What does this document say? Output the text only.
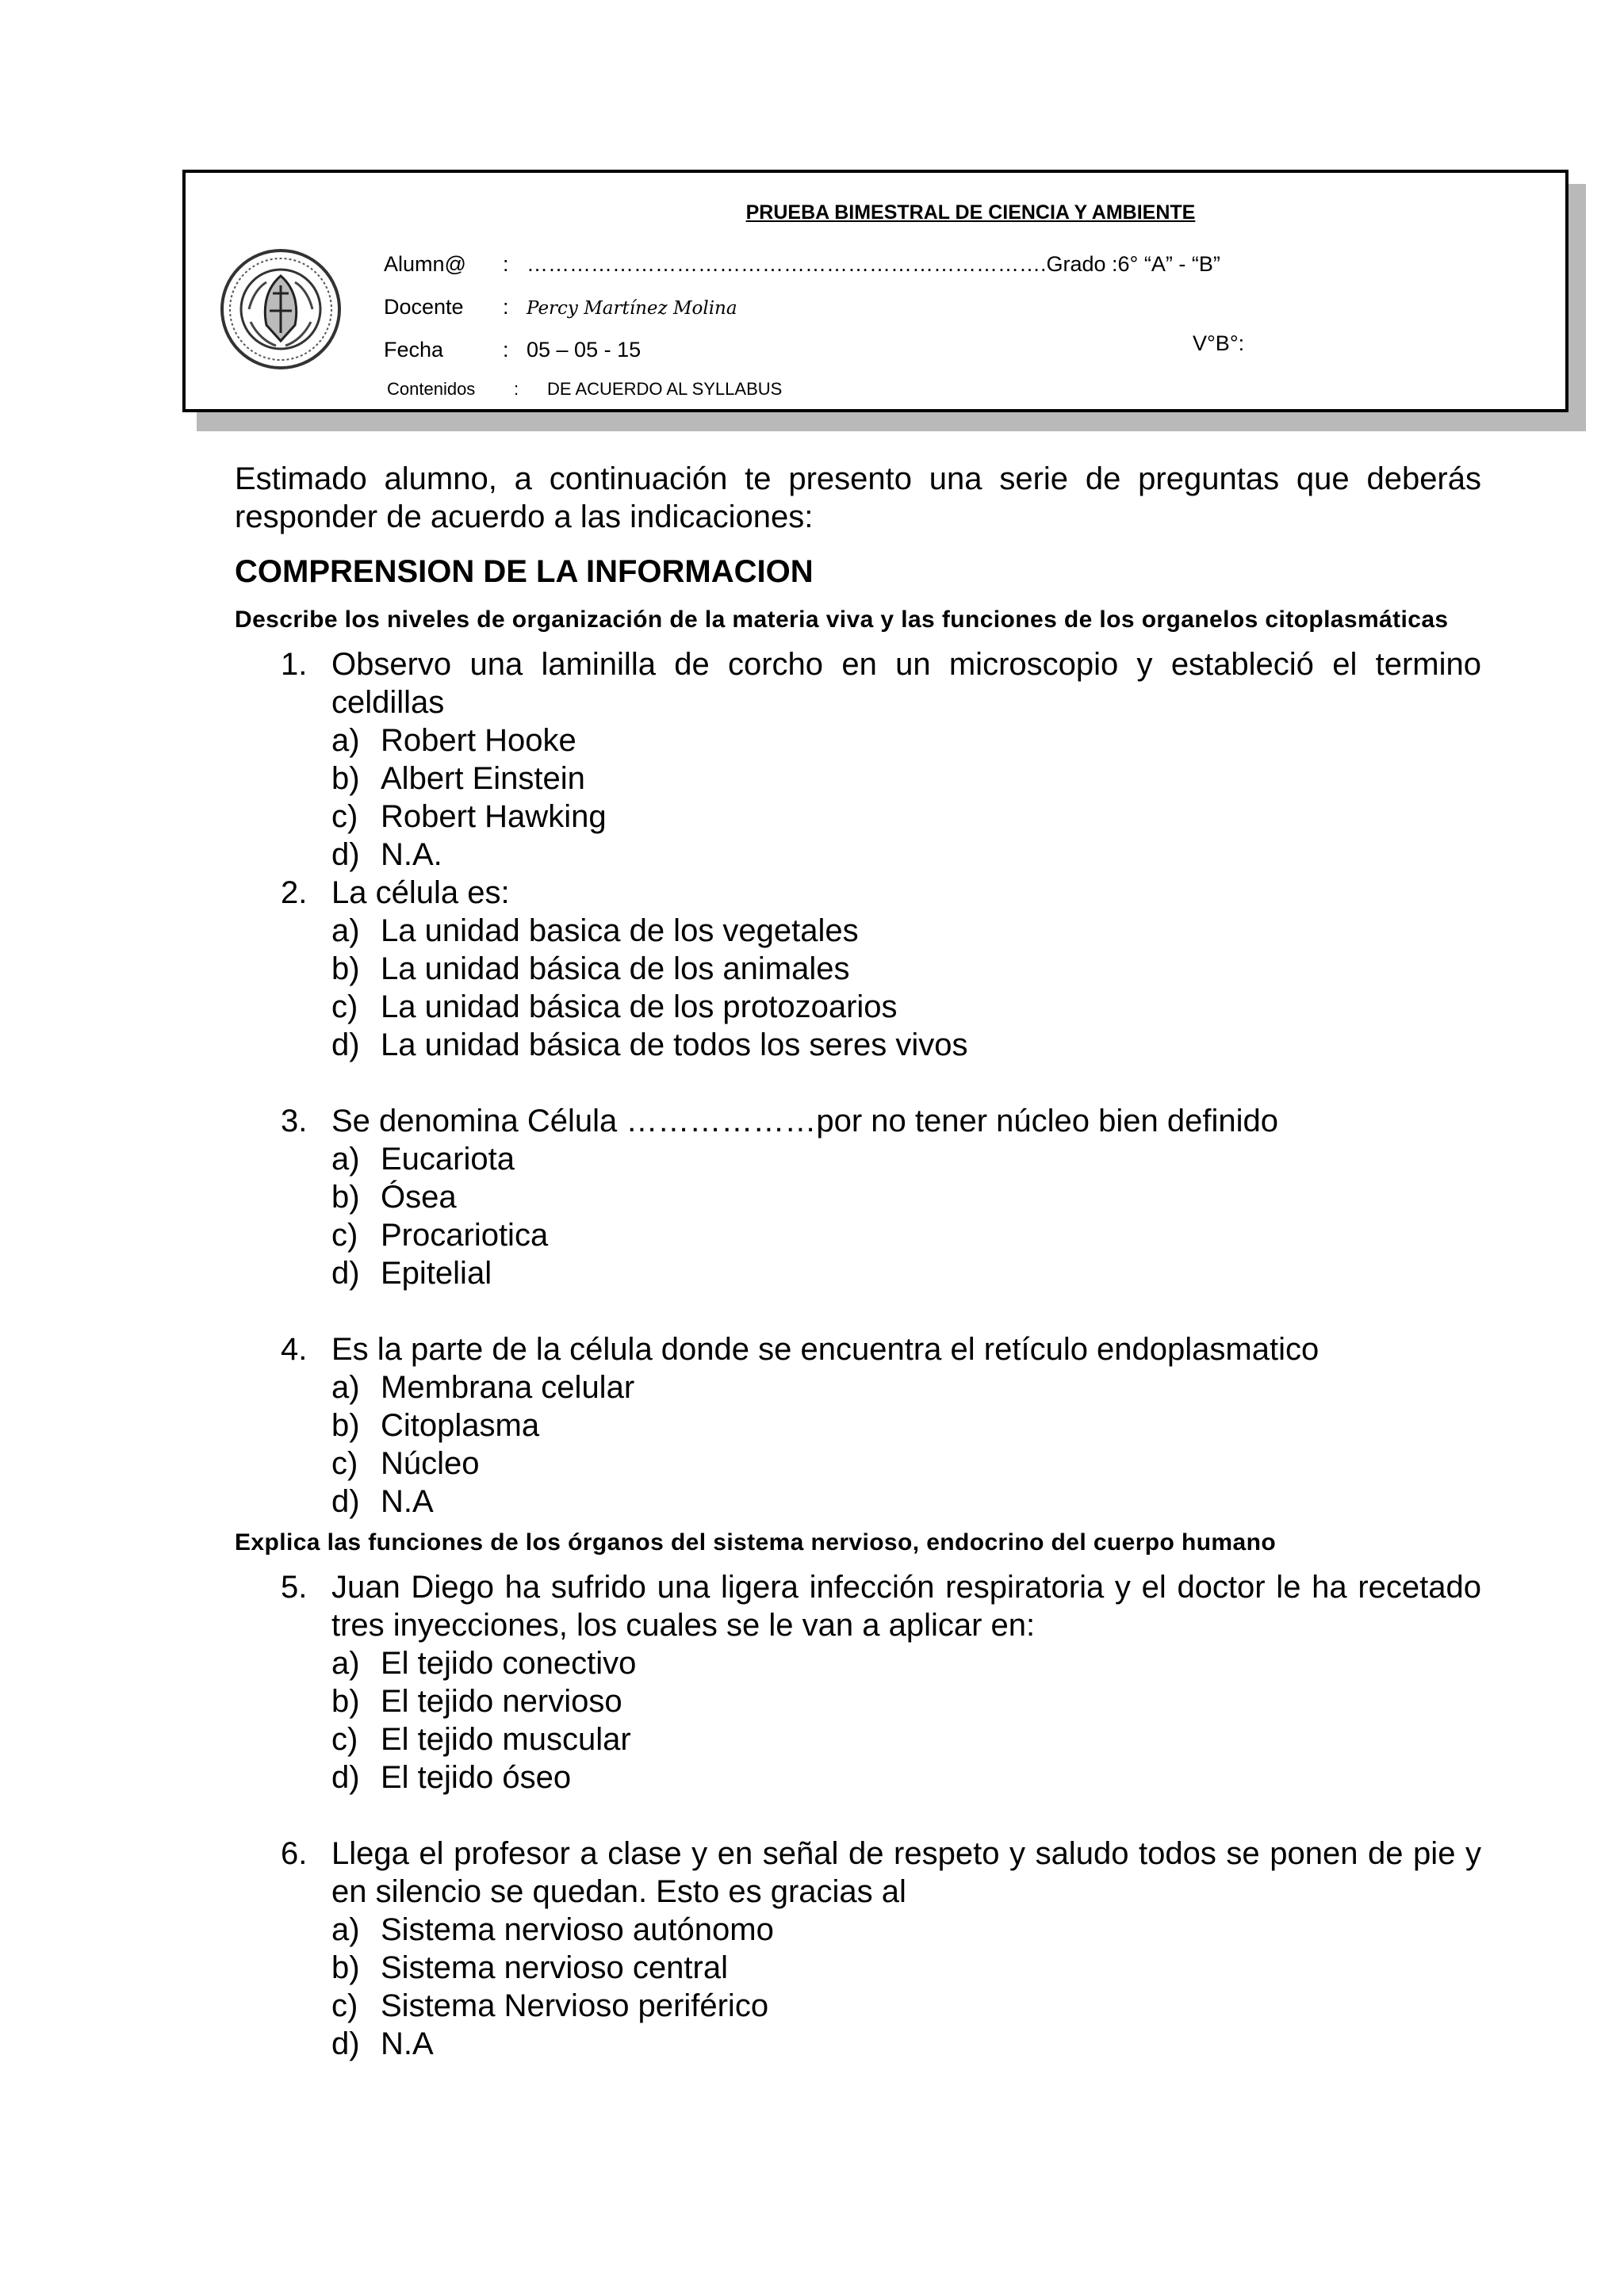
PRUEBA BIMESTRAL DE CIENCIA Y AMBIENTE
Alumn@ : ……………………………………………………………….Grado :6° “A” - “B”
Docente : Percy Martínez Molina
Fecha	: 05 – 05 - 15	V°B°:
Contenidos : DE ACUERDO AL SYLLABUS

Estimado alumno, a continuación te presento una serie de preguntas que deberás responder de acuerdo a las indicaciones:

COMPRENSION DE LA INFORMACION
Describe los niveles de organización de la materia viva y las funciones de los organelos citoplasmáticas
1. Observo una laminilla de corcho en un microscopio y estableció el termino celdillas
a) Robert Hooke
b) Albert Einstein
c) Robert Hawking
d) N.A.
2. La célula es:
a) La unidad basica de los vegetales
b) La unidad básica de los animales
c) La unidad básica de los protozoarios
d) La unidad básica de todos los seres vivos
3. Se denomina Célula ………………por no tener núcleo bien definido
a) Eucariota
b) Ósea
c) Procariotica
d) Epitelial
4. Es la parte de la célula donde se encuentra el retículo endoplasmatico
a) Membrana celular
b) Citoplasma
c) Núcleo
d) N.A
Explica las funciones de los órganos del sistema nervioso, endocrino del cuerpo humano
5. Juan Diego ha sufrido una ligera infección respiratoria y el doctor le ha recetado tres inyecciones, los cuales se le van a aplicar en:
a) El tejido conectivo
b) El tejido nervioso
c) El tejido muscular
d) El tejido óseo
6. Llega el profesor a clase y en señal de respeto y saludo todos se ponen de pie y en silencio se quedan. Esto es gracias al
a) Sistema nervioso autónomo
b) Sistema nervioso central
c) Sistema Nervioso periférico
d) N.A
